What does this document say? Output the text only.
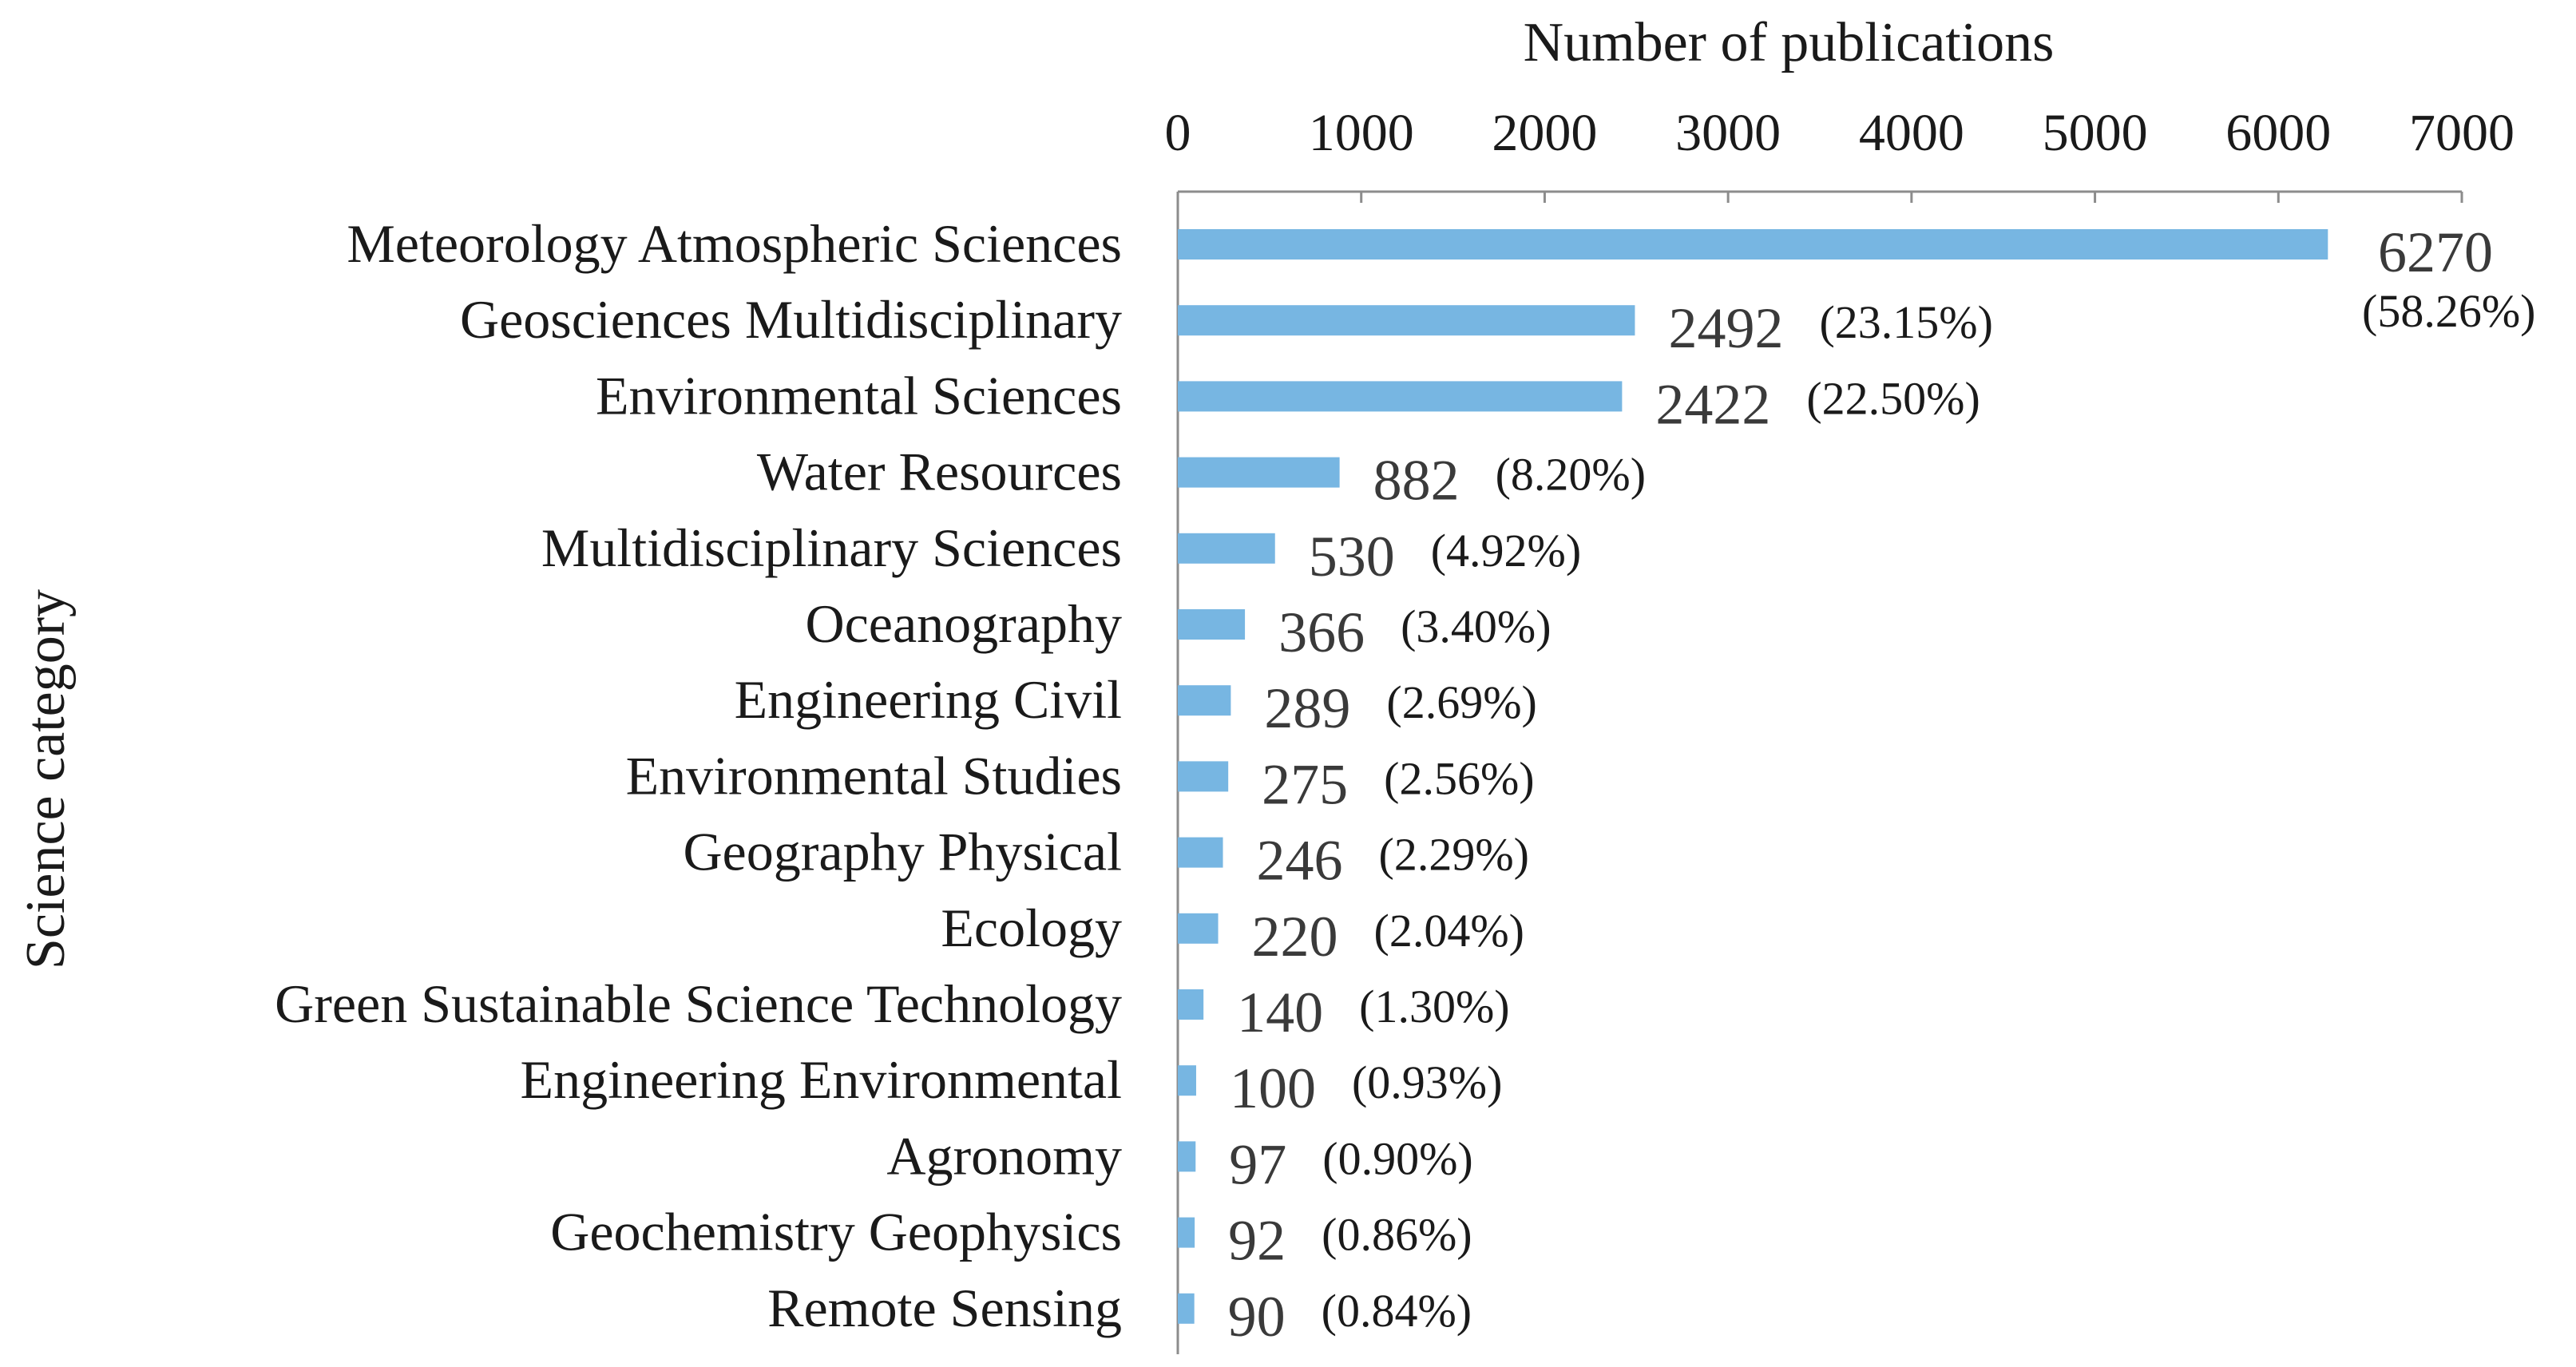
Number of publications
Science category
0 1000 2000 3000 4000 5000 6000 7000
Meteorology Atmospheric Sciences
Geosciences Multidisciplinary
Environmental Sciences
Water Resources
Multidisciplinary Sciences
Oceanography
Engineering Civil
Environmental Studies
Geography Physical
Ecology
Green Sustainable Science Technology
Engineering Environmental
Agronomy
Geochemistry Geophysics
Remote Sensing
6270
2492
2422
882
530
366
289
275
246
220
140
100
97
92
90
(58.26%)
(23.15%)
(22.50%)
(8.20%)
(4.92%)
(3.40%)
(2.69%)
(2.56%)
(2.29%)
(2.04%)
(1.30%)
(0.93%)
(0.90%)
(0.86%)
(0.84%)
